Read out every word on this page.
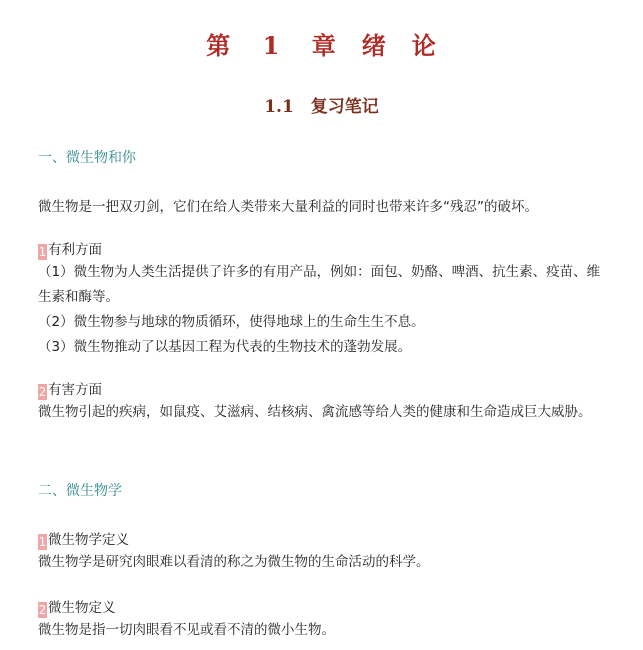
第 1 章　绪　论
1.1　复习笔记
一、微生物和你
微生物是一把双刃剑，它们在给人类带来大量利益的同时也带来许多“残忍”的破坏。
1 有利方面
（1）微生物为人类生活提供了许多的有用产品，例如：面包、奶酪、啤酒、抗生素、疫苗、维生素和酶等。
（2）微生物参与地球的物质循环，使得地球上的生命生生不息。
（3）微生物推动了以基因工程为代表的生物技术的蓬勃发展。
2 有害方面
微生物引起的疾病，如鼠疫、艾滋病、结核病、禽流感等给人类的健康和生命造成巨大威胁。
二、微生物学
1 微生物学定义
微生物学是研究肉眼难以看清的称之为微生物的生命活动的科学。
2 微生物定义
微生物是指一切肉眼看不见或看不清的微小生物。
